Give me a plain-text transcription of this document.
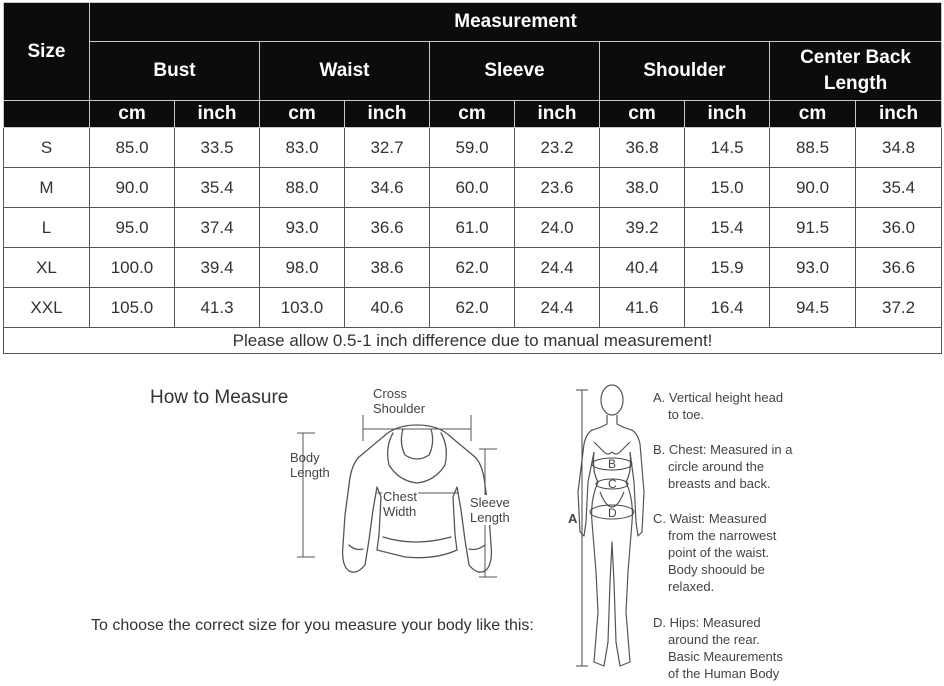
Size	Measurement									
	Bust		Waist		Sleeve		Shoulder		Center Back Length	
	cm	inch	cm	inch	cm	inch	cm	inch	cm	inch
S	85.0	33.5	83.0	32.7	59.0	23.2	36.8	14.5	88.5	34.8
M	90.0	35.4	88.0	34.6	60.0	23.6	38.0	15.0	90.0	35.4
L	95.0	37.4	93.0	36.6	61.0	24.0	39.2	15.4	91.5	36.0
XL	100.0	39.4	98.0	38.6	62.0	24.4	40.4	15.9	93.0	36.6
XXL	105.0	41.3	103.0	40.6	62.0	24.4	41.6	16.4	94.5	37.2
Please allow 0.5-1 inch difference due to manual measurement!										
How to Measure	Cross
Shoulder
Body
Length
Chest
Width
Sleeve
Length
To choose the correct size for you measure your body like this:
A
B
C
D
A. Vertical height head
to toe.
B. Chest: Measured in a
circle around the
breasts and back.
C. Waist: Measured
from the narrowest
point of the waist.
Body shoould be
relaxed.
D. Hips: Measured
around the rear.
Basic Meaurements
of the Human Body
